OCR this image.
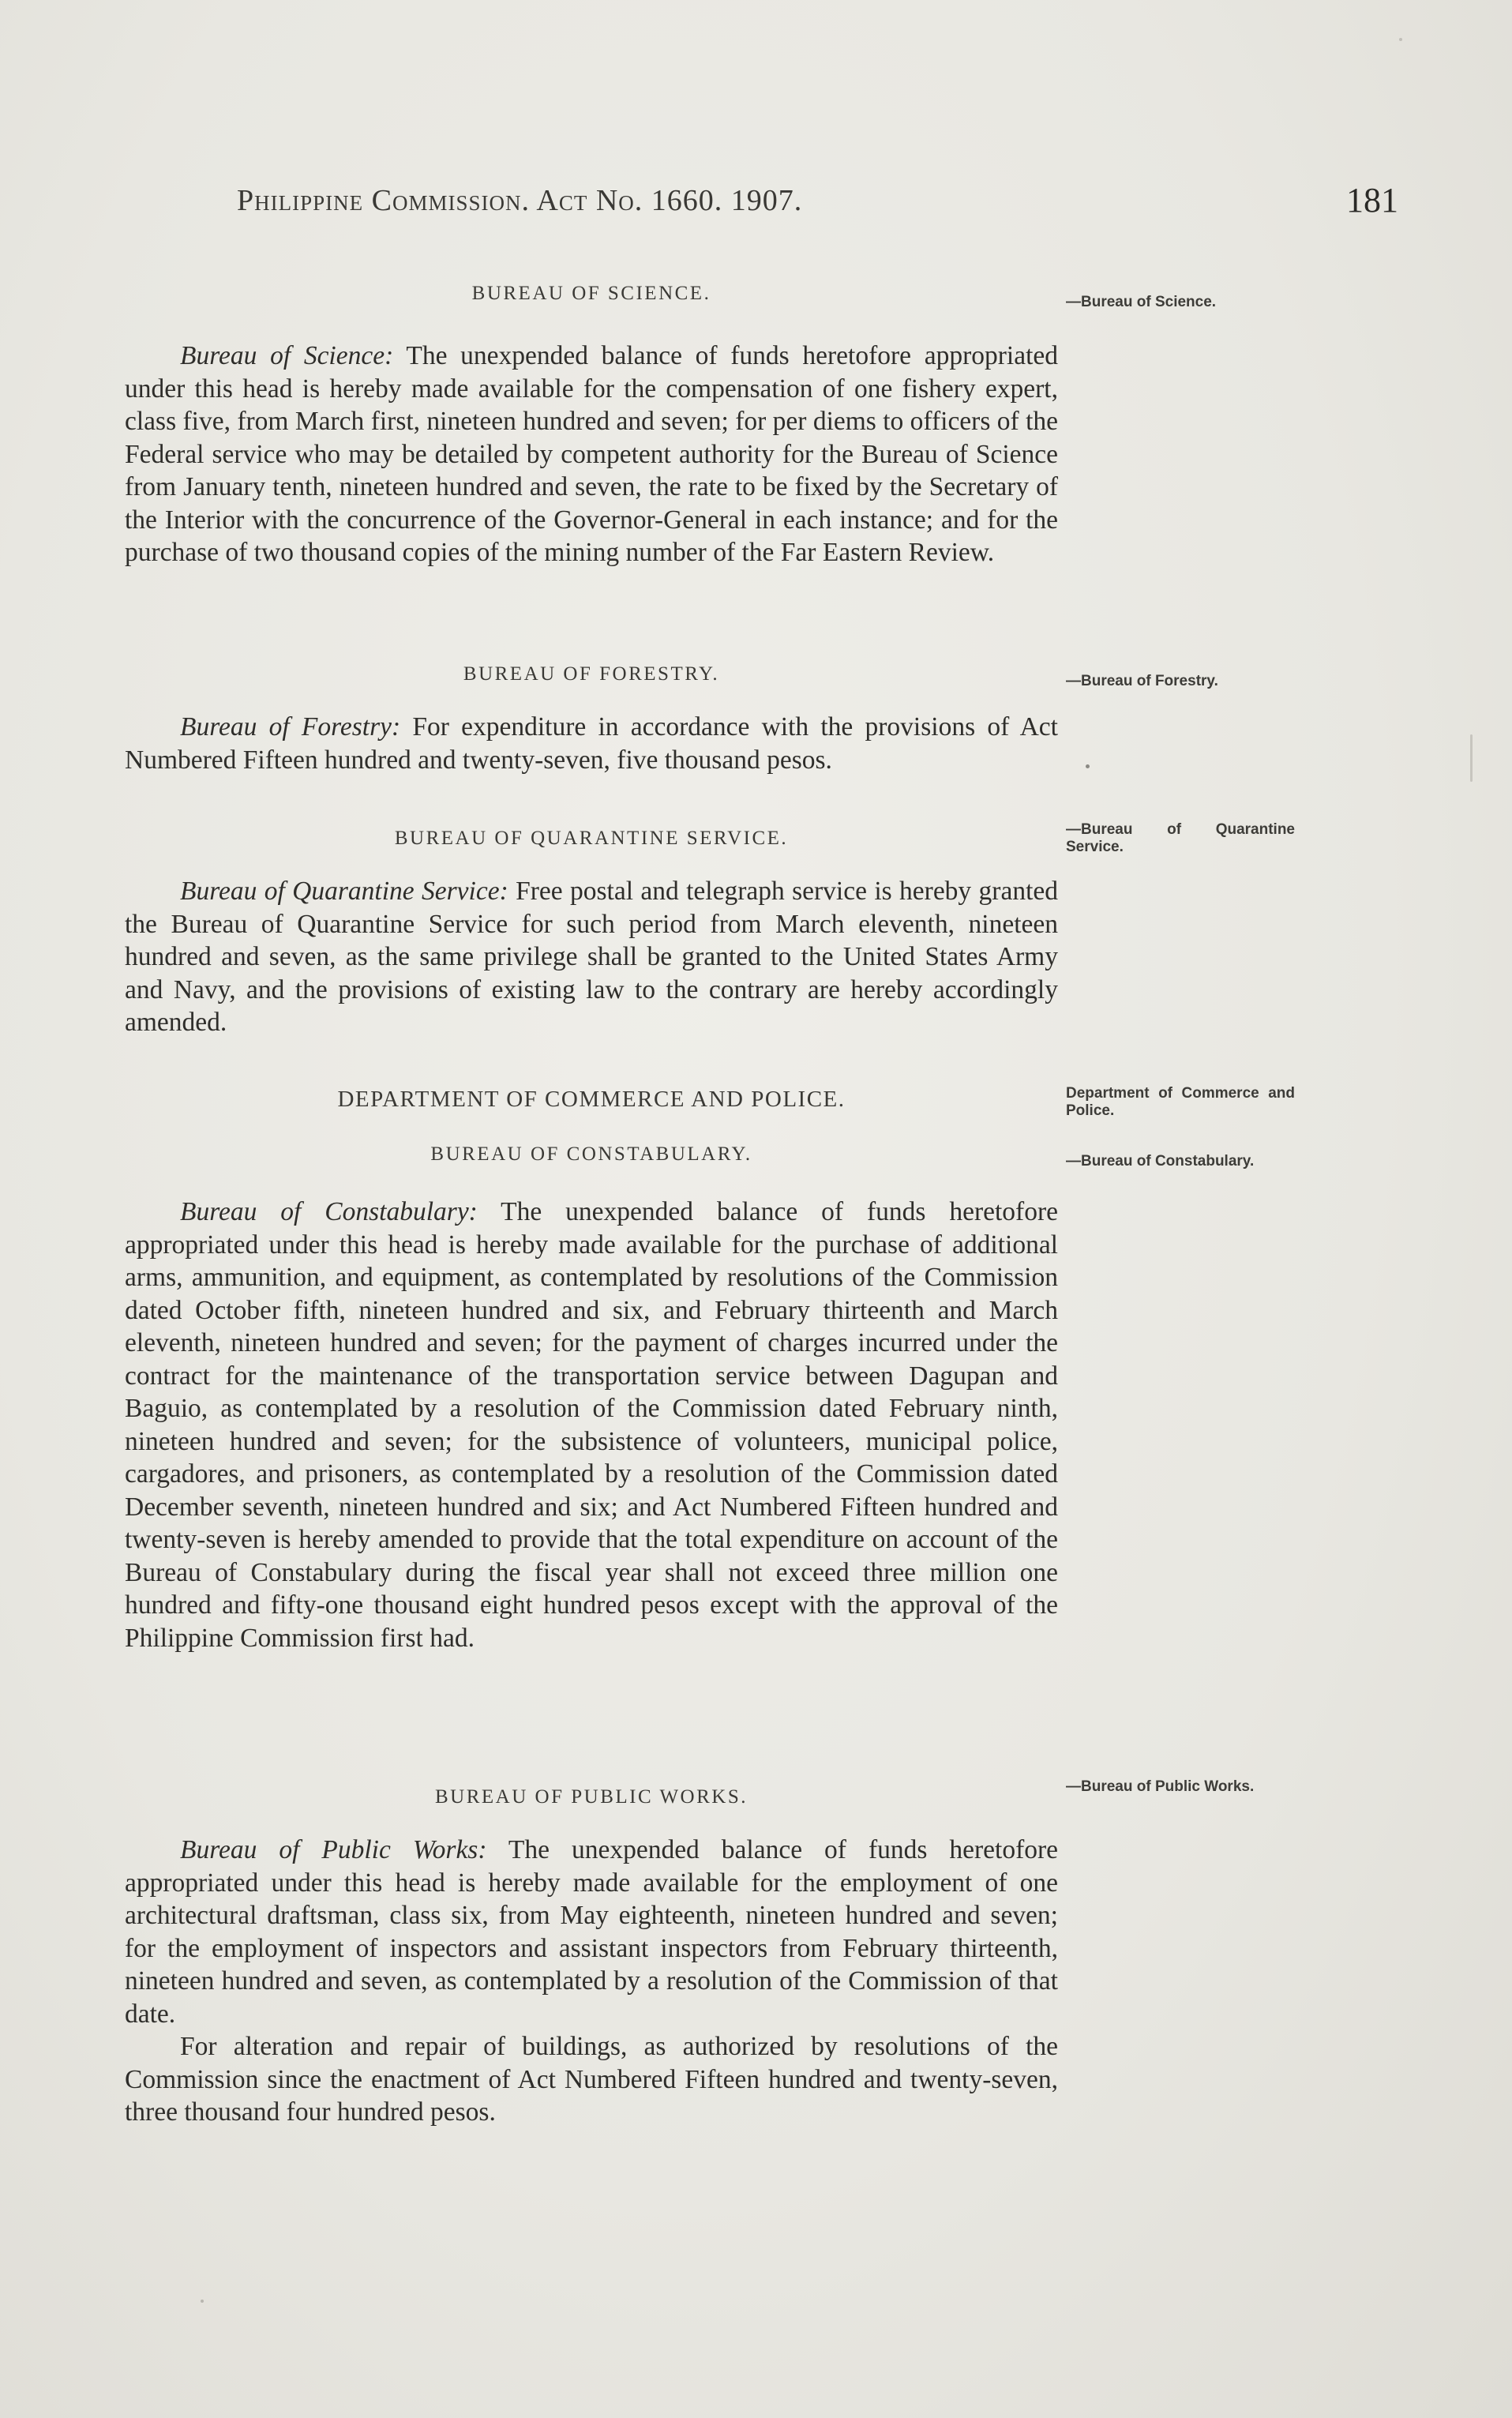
Philippine Commission. Act No. 1660. 1907.	181
BUREAU OF SCIENCE.	—Bureau of Science.

Bureau of Science: The unexpended balance of funds heretofore appropriated under this head is hereby made available for the compensation of one fishery expert, class five, from March first, nineteen hundred and seven; for per diems to officers of the Federal service who may be detailed by competent authority for the Bureau of Science from January tenth, nineteen hundred and seven, the rate to be fixed by the Secretary of the Interior with the concurrence of the Governor-General in each instance; and for the purchase of two thousand copies of the mining number of the Far Eastern Review.

BUREAU OF FORESTRY.	—Bureau of Forestry.

Bureau of Forestry: For expenditure in accordance with the provisions of Act Numbered Fifteen hundred and twenty-seven, five thousand pesos.

BUREAU OF QUARANTINE SERVICE.	—Bureau of Quarantine Service.

Bureau of Quarantine Service: Free postal and telegraph service is hereby granted the Bureau of Quarantine Service for such period from March eleventh, nineteen hundred and seven, as the same privilege shall be granted to the United States Army and Navy, and the provisions of existing law to the contrary are hereby accordingly amended.

DEPARTMENT OF COMMERCE AND POLICE.	Department of Commerce and Police.
BUREAU OF CONSTABULARY.	—Bureau of Constabulary.

Bureau of Constabulary: The unexpended balance of funds heretofore appropriated under this head is hereby made available for the purchase of additional arms, ammunition, and equipment, as contemplated by resolutions of the Commission dated October fifth, nineteen hundred and six, and February thirteenth and March eleventh, nineteen hundred and seven; for the payment of charges incurred under the contract for the maintenance of the transportation service between Dagupan and Baguio, as contemplated by a resolution of the Commission dated February ninth, nineteen hundred and seven; for the subsistence of volunteers, municipal police, cargadores, and prisoners, as contemplated by a resolution of the Commission dated December seventh, nineteen hundred and six; and Act Numbered Fifteen hundred and twenty-seven is hereby amended to provide that the total expenditure on account of the Bureau of Constabulary during the fiscal year shall not exceed three million one hundred and fifty-one thousand eight hundred pesos except with the approval of the Philippine Commission first had.

BUREAU OF PUBLIC WORKS.	—Bureau of Public Works.

Bureau of Public Works: The unexpended balance of funds heretofore appropriated under this head is hereby made available for the employment of one architectural draftsman, class six, from May eighteenth, nineteen hundred and seven; for the employment of inspectors and assistant inspectors from February thirteenth, nineteen hundred and seven, as contemplated by a resolution of the Commission of that date.

For alteration and repair of buildings, as authorized by resolutions of the Commission since the enactment of Act Numbered Fifteen hundred and twenty-seven, three thousand four hundred pesos.
